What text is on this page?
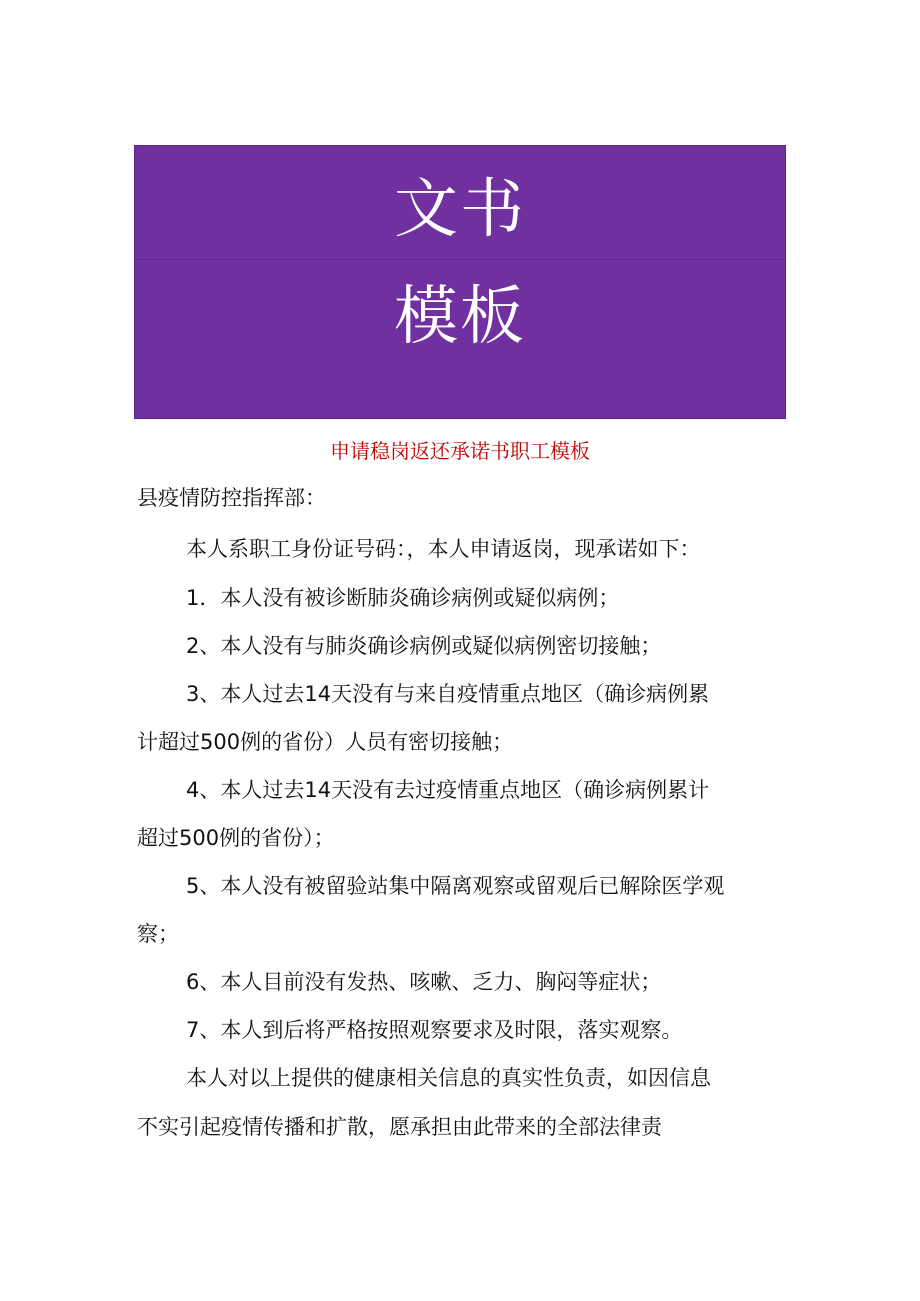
文书
模板
申请稳岗返还承诺书职工模板
县疫情防控指挥部：
本人系职工身份证号码：，本人申请返岗，现承诺如下：
1．本人没有被诊断肺炎确诊病例或疑似病例；
2、本人没有与肺炎确诊病例或疑似病例密切接触；
3、本人过去14天没有与来自疫情重点地区（确诊病例累
计超过500例的省份）人员有密切接触；
4、本人过去14天没有去过疫情重点地区（确诊病例累计
超过500例的省份）；
5、本人没有被留验站集中隔离观察或留观后已解除医学观
察；
6、本人目前没有发热、咳嗽、乏力、胸闷等症状；
7、本人到后将严格按照观察要求及时限，落实观察。
本人对以上提供的健康相关信息的真实性负责，如因信息
不实引起疫情传播和扩散，愿承担由此带来的全部法律责
